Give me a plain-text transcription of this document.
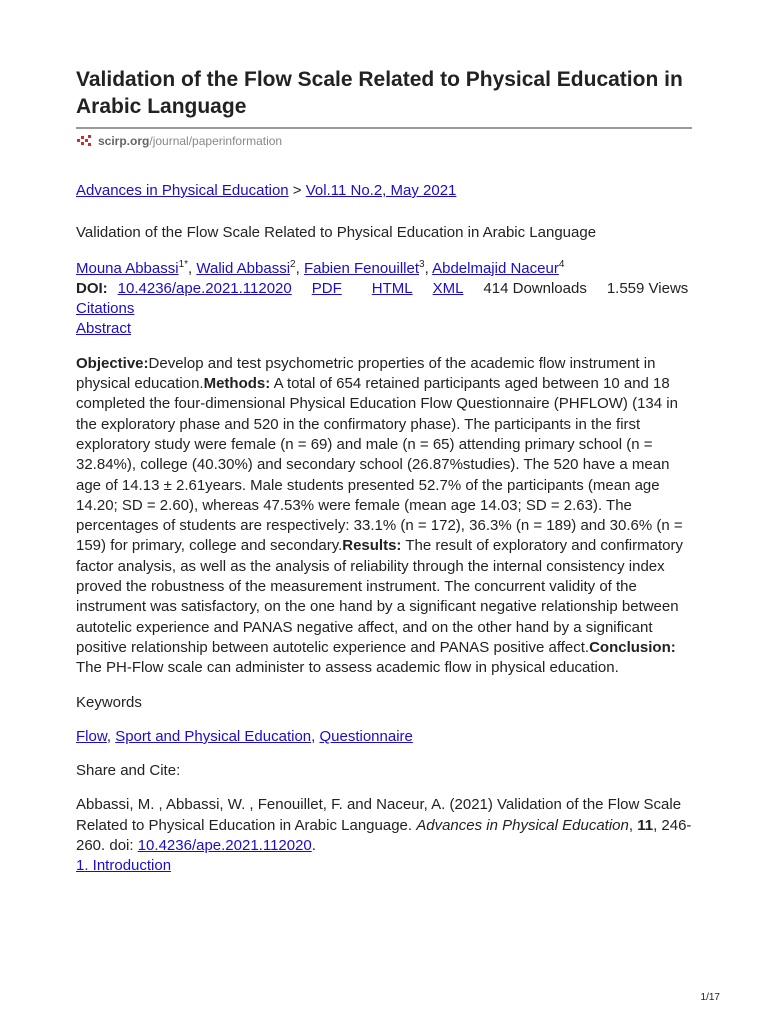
Validation of the Flow Scale Related to Physical Education in Arabic Language
scirp.org /journal/paperinformation
Advances in Physical Education > Vol.11 No.2, May 2021
Validation of the Flow Scale Related to Physical Education in Arabic Language
Mouna Abbassi$^{1*}$, Walid Abbassi$^2$, Fabien Fenouillet$^3$, Abdelmajid Naceur$^4$
DOI: 10.4236/ape.2021.112020 PDF HTML XML 414 Downloads 1.559 Views
Citations
Abstract
Objective:Develop and test psychometric properties of the academic flow instrument in physical education.Methods: A total of 654 retained participants aged between 10 and 18 completed the four-dimensional Physical Education Flow Questionnaire (PHFLOW) (134 in the exploratory phase and 520 in the confirmatory phase). The participants in the first exploratory study were female (n = 69) and male (n = 65) attending primary school (n = 32.84%), college (40.30%) and secondary school (26.87%studies). The 520 have a mean age of 14.13 ± 2.61years. Male students presented 52.7% of the participants (mean age 14.20; SD = 2.60), whereas 47.53% were female (mean age 14.03; SD = 2.63). The percentages of students are respectively: 33.1% (n = 172), 36.3% (n = 189) and 30.6% (n = 159) for primary, college and secondary.Results: The result of exploratory and confirmatory factor analysis, as well as the analysis of reliability through the internal consistency index proved the robustness of the measurement instrument. The concurrent validity of the instrument was satisfactory, on the one hand by a significant negative relationship between autotelic experience and PANAS negative affect, and on the other hand by a significant positive relationship between autotelic experience and PANAS positive affect.Conclusion: The PH-Flow scale can administer to assess academic flow in physical education.
Keywords
Flow, Sport and Physical Education, Questionnaire
Share and Cite:
Abbassi, M. , Abbassi, W. , Fenouillet, F. and Naceur, A. (2021) Validation of the Flow Scale Related to Physical Education in Arabic Language. Advances in Physical Education, 11, 246-260. doi: 10.4236/ape.2021.112020.
1. Introduction
1/17
